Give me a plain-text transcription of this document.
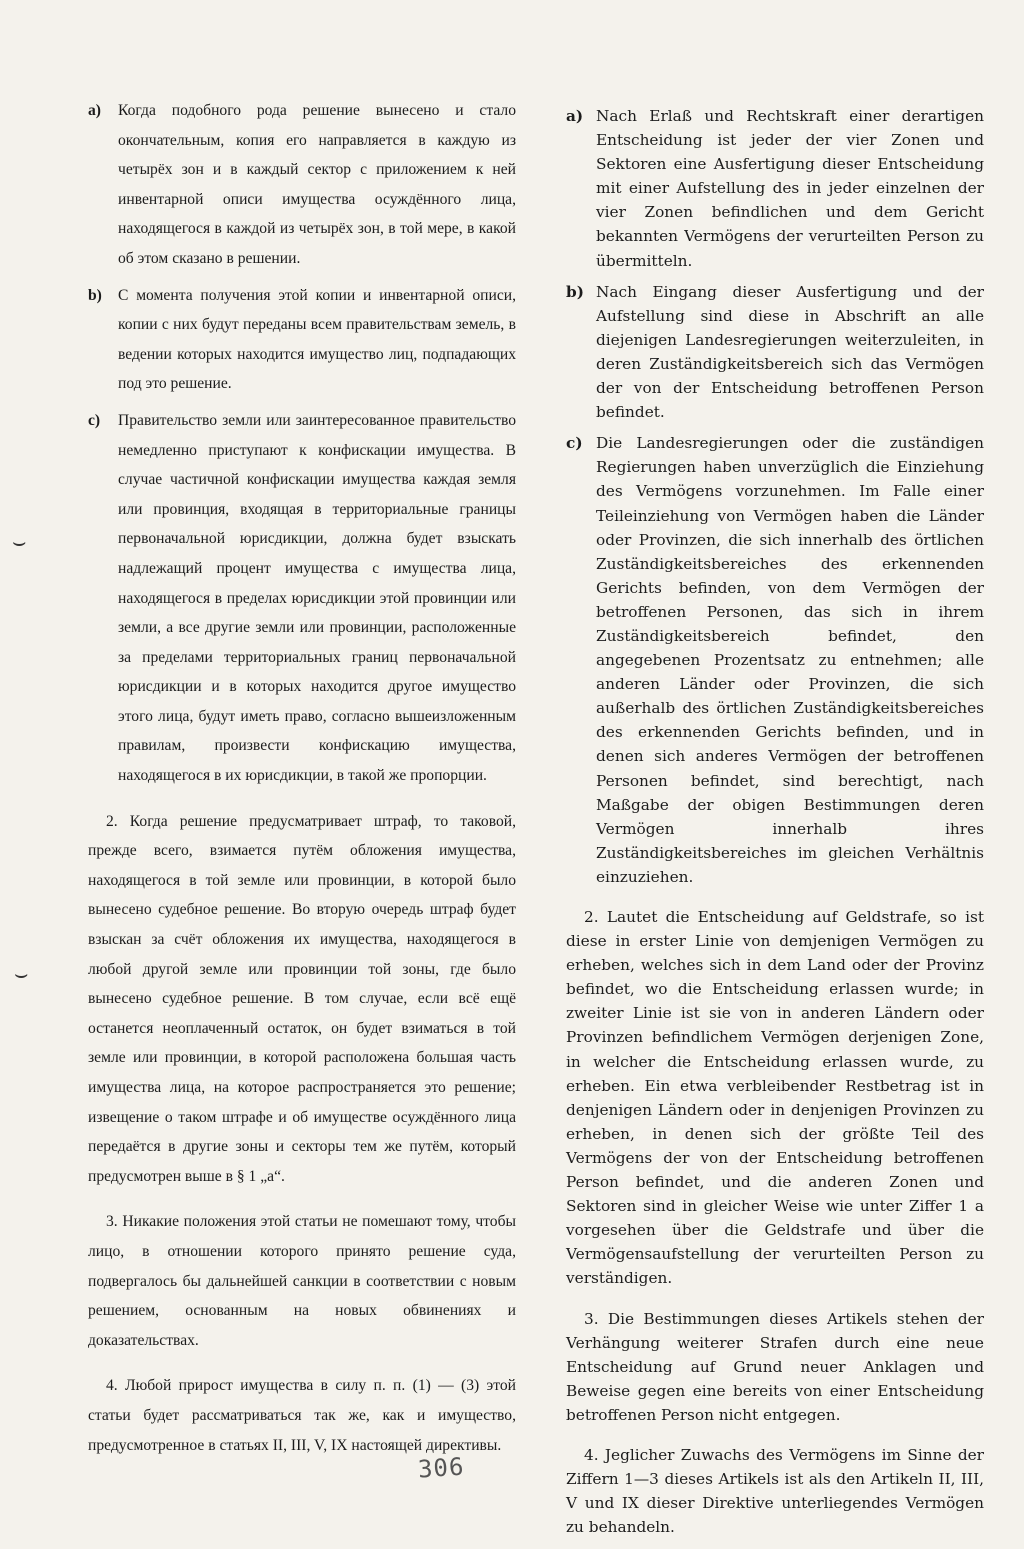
a)	Когда подобного рода решение вынесено и стало окончательным, копия его направляется в каждую из четырёх зон и в каждый сектор с приложением к ней инвентарной описи имущества осуждённого лица, находящегося в каждой из четырёх зон, в той мере, в какой об этом сказано в решении.
b)	С момента получения этой копии и инвентарной описи, копии с них будут переданы всем правительствам земель, в ведении которых находится имущество лиц, подпадающих под это решение.
c)	Правительство земли или заинтересованное правительство немедленно приступают к конфискации имущества. В случае частичной конфискации имущества каждая земля или провинция, входящая в территориальные границы первоначальной юрисдикции, должна будет взыскать надлежащий процент имущества с имущества лица, находящегося в пределах юрисдикции этой провинции или земли, а все другие земли или провинции, расположенные за пределами территориальных границ первоначальной юрисдикции и в которых находится другое имущество этого лица, будут иметь право, согласно вышеизложенным правилам, произвести конфискацию имущества, находящегося в их юрисдикции, в такой же пропорции.

2. Когда решение предусматривает штраф, то таковой, прежде всего, взимается путём обложения имущества, находящегося в той земле или провинции, в которой было вынесено судебное решение. Во вторую очередь штраф будет взыскан за счёт обложения их имущества, находящегося в любой другой земле или провинции той зоны, где было вынесено судебное решение. В том случае, если всё ещё останется неоплаченный остаток, он будет взиматься в той земле или провинции, в которой расположена большая часть имущества лица, на которое распространяется это решение; извещение о таком штрафе и об имуществе осуждённого лица передаётся в другие зоны и секторы тем же путём, который предусмотрен выше в § 1 „а“.

3. Никакие положения этой статьи не помешают тому, чтобы лицо, в отношении которого принято решение суда, подвергалось бы дальнейшей санкции в соответствии с новым решением, основанным на новых обвинениях и доказательствах.

4. Любой прирост имущества в силу п. п. (1) — (3) этой статьи будет рассматриваться так же, как и имущество, предусмотренное в статьях II, III, V, IX настоящей директивы.

a) Nach Erlaß und Rechtskraft einer derartigen Entscheidung ist jeder der vier Zonen und Sektoren eine Ausfertigung dieser Entscheidung mit einer Aufstellung des in jeder einzelnen der vier Zonen befindlichen und dem Gericht bekannten Vermögens der verurteilten Person zu übermitteln.
b) Nach Eingang dieser Ausfertigung und der Aufstellung sind diese in Abschrift an alle diejenigen Landesregierungen weiterzuleiten, in deren Zuständigkeitsbereich sich das Vermögen der von der Entscheidung betroffenen Person befindet.
c) Die Landesregierungen oder die zuständigen Regierungen haben unverzüglich die Einziehung des Vermögens vorzunehmen. Im Falle einer Teileinziehung von Vermögen haben die Länder oder Provinzen, die sich innerhalb des örtlichen Zuständigkeitsbereiches des erkennenden Gerichts befinden, von dem Vermögen der betroffenen Personen, das sich in ihrem Zuständigkeitsbereich befindet, den angegebenen Prozentsatz zu entnehmen; alle anderen Länder oder Provinzen, die sich außerhalb des örtlichen Zuständigkeitsbereiches des erkennenden Gerichts befinden, und in denen sich anderes Vermögen der betroffenen Personen befindet, sind berechtigt, nach Maßgabe der obigen Bestimmungen deren Vermögen innerhalb ihres Zuständigkeitsbereiches im gleichen Verhältnis einzuziehen.

2. Lautet die Entscheidung auf Geldstrafe, so ist diese in erster Linie von demjenigen Vermögen zu erheben, welches sich in dem Land oder der Provinz befindet, wo die Entscheidung erlassen wurde; in zweiter Linie ist sie von in anderen Ländern oder Provinzen befindlichem Vermögen derjenigen Zone, in welcher die Entscheidung erlassen wurde, zu erheben. Ein etwa verbleibender Restbetrag ist in denjenigen Ländern oder in denjenigen Provinzen zu erheben, in denen sich der größte Teil des Vermögens der von der Entscheidung betroffenen Person befindet, und die anderen Zonen und Sektoren sind in gleicher Weise wie unter Ziffer 1 a vorgesehen über die Geldstrafe und über die Vermögensaufstellung der verurteilten Person zu verständigen.

3. Die Bestimmungen dieses Artikels stehen der Verhängung weiterer Strafen durch eine neue Entscheidung auf Grund neuer Anklagen und Beweise gegen eine bereits von einer Entscheidung betroffenen Person nicht entgegen.

4. Jeglicher Zuwachs des Vermögens im Sinne der Ziffern 1—3 dieses Artikels ist als den Artikeln II, III, V und IX dieser Direktive unterliegendes Vermögen zu behandeln.

306
⌣
⌣
